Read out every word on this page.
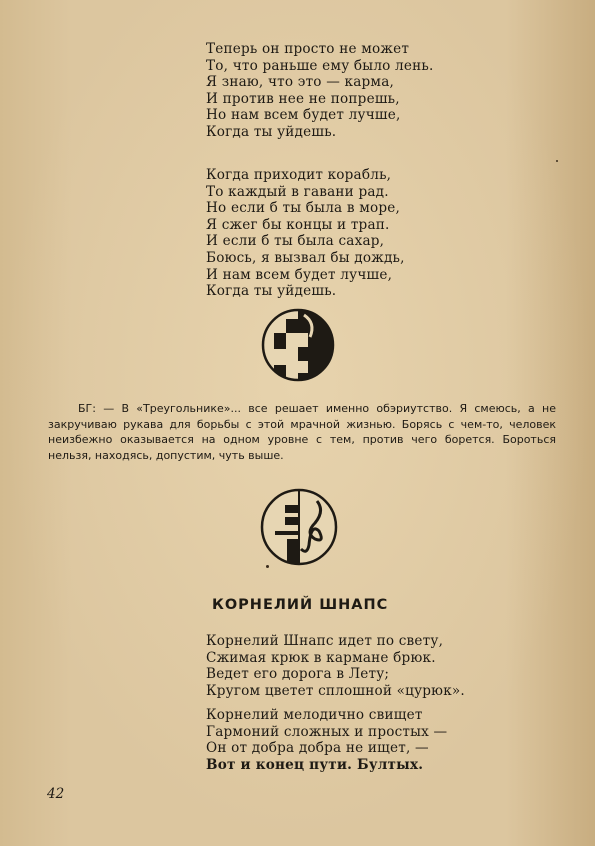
Теперь он просто не может
То, что раньше ему было лень.
Я знаю, что это — карма,
И против нее не попрешь,
Но нам всем будет лучше,
Когда ты уйдешь.
Когда приходит корабль,
То каждый в гавани рад.
Но если б ты была в море,
Я сжег бы концы и трап.
И если б ты была сахар,
Боюсь, я вызвал бы дождь,
И нам всем будет лучше,
Когда ты уйдешь.

БГ: — В «Треугольнике»... все решает именно обэриутство. Я смеюсь, а не закручиваю рукава для борьбы с этой мрачной жизнью. Борясь с чем-то, человек неизбежно оказывается на одном уровне с тем, против чего борется. Бороться нельзя, находясь, допустим, чуть выше.

КОРНЕЛИЙ ШНАПС
Корнелий Шнапс идет по свету,
Сжимая крюк в кармане брюк.
Ведет его дорога в Лету;
Кругом цветет сплошной «цурюк».
Корнелий мелодично свищет
Гармоний сложных и простых —
Он от добра добра не ищет, —
Вот и конец пути. Бултых.
42
